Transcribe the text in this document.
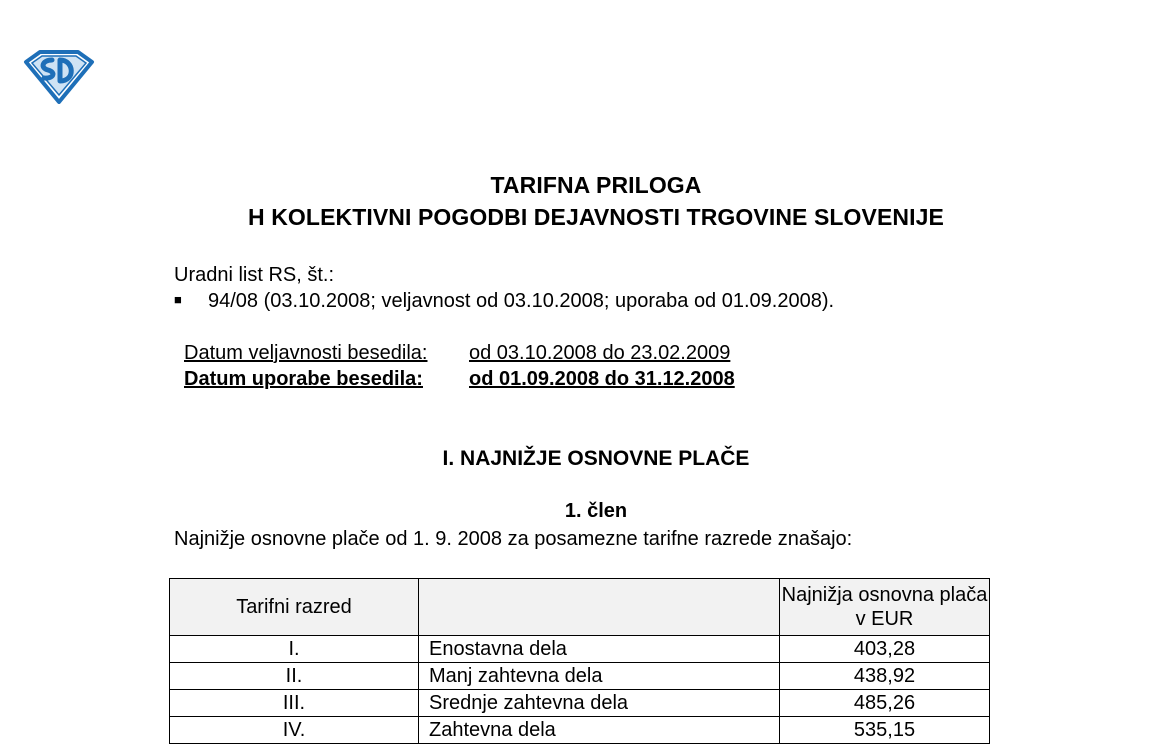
TARIFNA PRILOGA
H KOLEKTIVNI POGODBI DEJAVNOSTI TRGOVINE SLOVENIJE
Uradni list RS, št.:
■ 94/08 (03.10.2008; veljavnost od 03.10.2008; uporaba od 01.09.2008).
Datum veljavnosti besedila: od 03.10.2008 do 23.02.2009
Datum uporabe besedila: od 01.09.2008 do 31.12.2008
I. NAJNIŽJE OSNOVNE PLAČE
1. člen
Najnižje osnovne plače od 1. 9. 2008 za posamezne tarifne razrede znašajo:
Tarifni razred		Najnižja osnovna plača v EUR
I.	Enostavna dela	403,28
II.	Manj zahtevna dela	438,92
III.	Srednje zahtevna dela	485,26
IV.	Zahtevna dela	535,15
